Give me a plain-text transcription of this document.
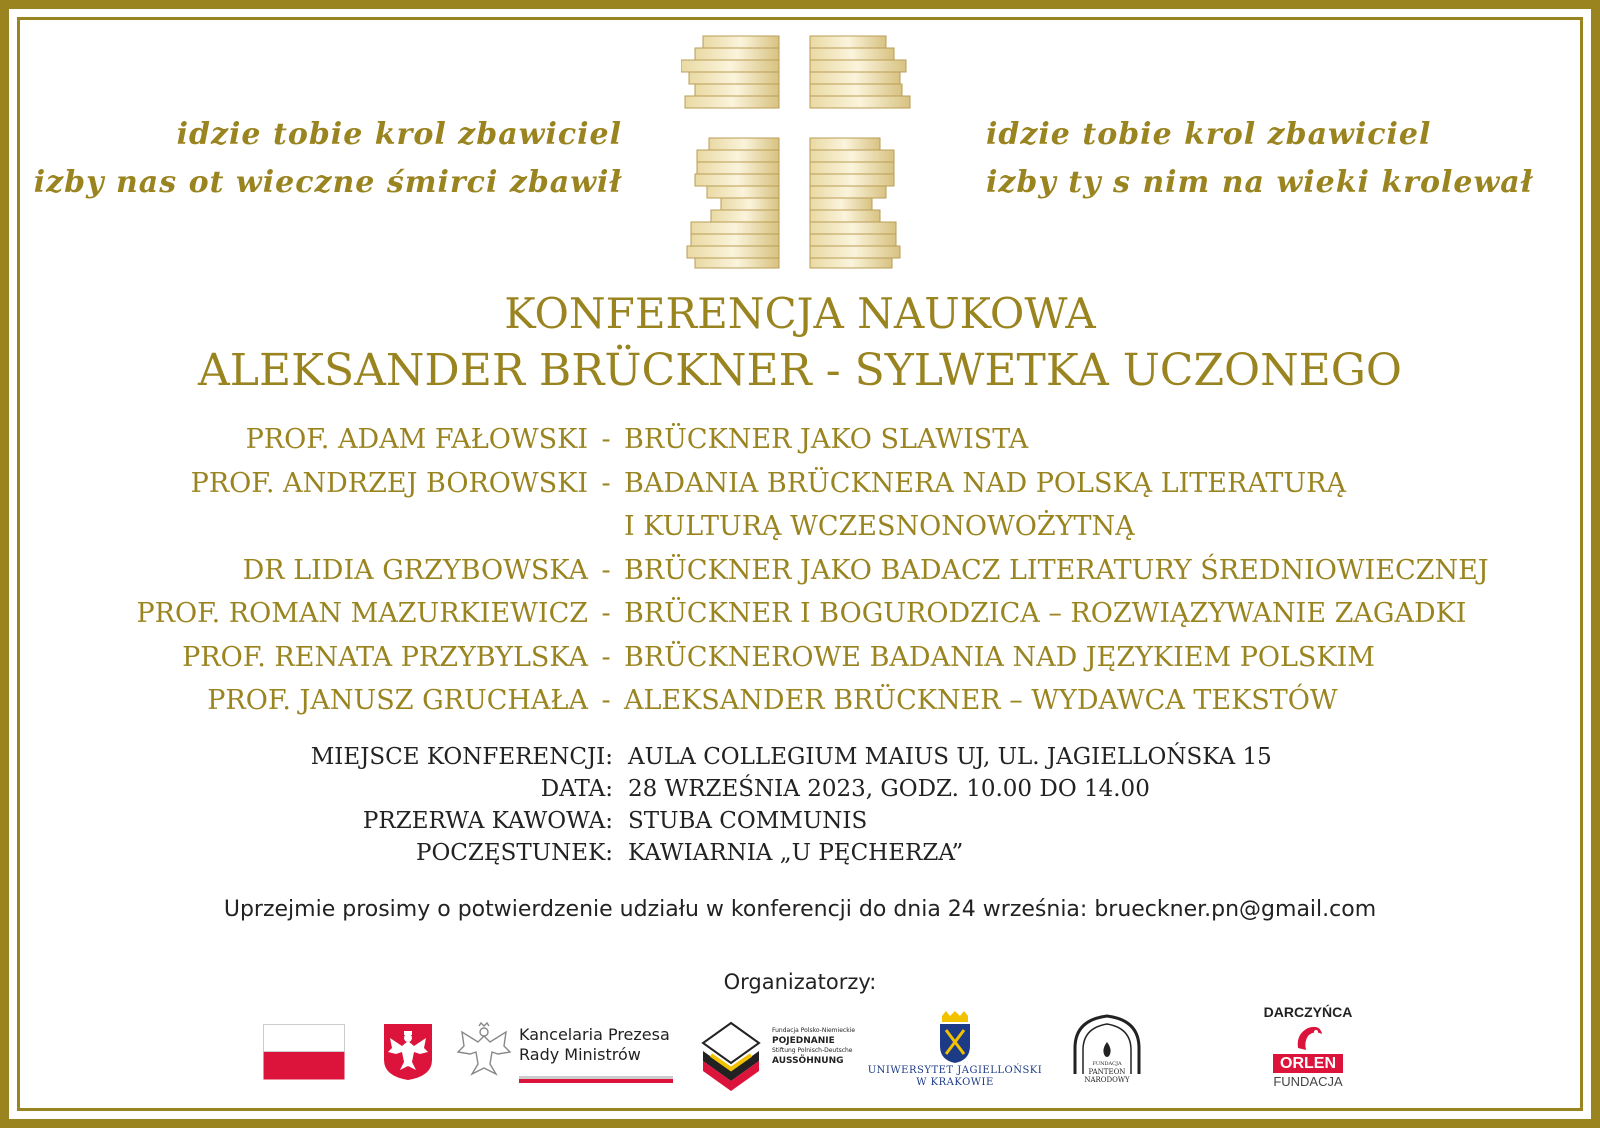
idzie tobie krol zbawiciel
izby nas ot wieczne śmirci zbawił
idzie tobie krol zbawiciel
izby ty s nim na wieki krolewał
KONFERENCJA NAUKOWA
ALEKSANDER BRÜCKNER - SYLWETKA UCZONEGO
PROF. ADAM FAŁOWSKI - BRÜCKNER JAKO SLAWISTA
PROF. ANDRZEJ BOROWSKI - BADANIA BRÜCKNERA NAD POLSKĄ LITERATURĄ
I KULTURĄ WCZESNONOWOŻYTNĄ
DR LIDIA GRZYBOWSKA - BRÜCKNER JAKO BADACZ LITERATURY ŚREDNIOWIECZNEJ
PROF. ROMAN MAZURKIEWICZ - BRÜCKNER I BOGURODZICA – ROZWIĄZYWANIE ZAGADKI
PROF. RENATA PRZYBYLSKA - BRÜCKNEROWE BADANIA NAD JĘZYKIEM POLSKIM
PROF. JANUSZ GRUCHAŁA - ALEKSANDER BRÜCKNER – WYDAWCA TEKSTÓW
MIEJSCE KONFERENCJI: AULA COLLEGIUM MAIUS UJ, UL. JAGIELLOŃSKA 15
DATA: 28 WRZEŚNIA 2023, GODZ. 10.00 DO 14.00
PRZERWA KAWOWA: STUBA COMMUNIS
POCZĘSTUNEK: KAWIARNIA „U PĘCHERZA”
Uprzejmie prosimy o potwierdzenie udziału w konferencji do dnia 24 września: brueckner.pn@gmail.com
Organizatorzy:
Kancelaria Prezesa
Rady Ministrów
Fundacja Polsko-Niemieckie
POJEDNANIE
Stiftung Polnisch-Deutsche
AUSSÖHNUNG
UNIWERSYTET JAGIELLOŃSKI
W KRAKOWIE
FUNDACJA
PANTEON
NARODOWY
DARCZYŃCA
ORLEN
FUNDACJA
